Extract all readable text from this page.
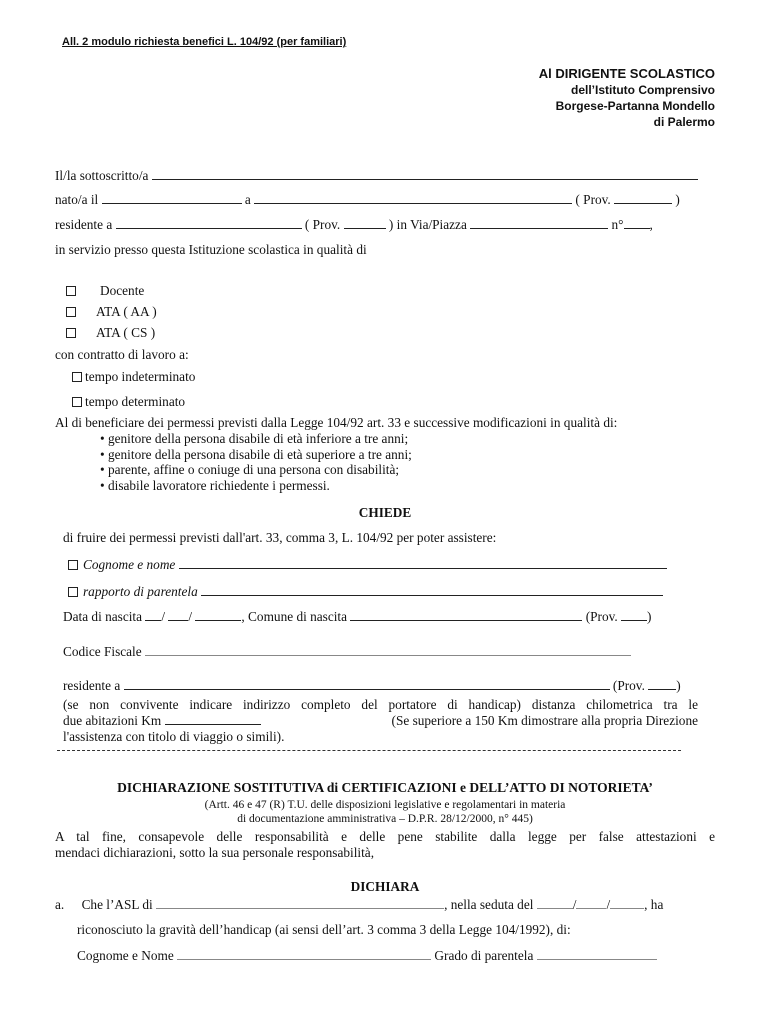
All. 2 modulo richiesta benefici L. 104/92 (per familiari)
Al DIRIGENTE SCOLASTICO
dell’Istituto Comprensivo
Borgese-Partanna Mondello
di Palermo
Il/la sottoscritto/a
nato/a il	a	( Prov.	)
residente a	( Prov.	) in Via/Piazza	n° ,
in servizio presso questa Istituzione scolastica in qualità di
Docente
ATA ( AA )
ATA ( CS )
con contratto di lavoro a:
tempo indeterminato
tempo determinato
Al di beneficiare dei permessi previsti dalla Legge 104/92 art. 33 e successive modificazioni in qualità di:
• genitore della persona disabile di età inferiore a tre anni;
• genitore della persona disabile di età superiore a tre anni;
• parente, affine o coniuge di una persona con disabilità;
• disabile lavoratore richiedente i permessi.
CHIEDE
di fruire dei permessi previsti dall'art. 33, comma 3, L. 104/92 per poter assistere:
Cognome e nome
rapporto di parentela
Data di nascita / /	, Comune di nascita	(Prov. )
Codice Fiscale
residente a	(Prov. )
(se non convivente indicare indirizzo completo del portatore di handicap) distanza chilometrica tra le
due abitazioni Km	(Se superiore a 150 Km dimostrare alla propria Direzione
l'assistenza con titolo di viaggio o simili).
DICHIARAZIONE SOSTITUTIVA di CERTIFICAZIONI e DELL’ATTO DI NOTORIETA’
(Artt. 46 e 47 (R) T.U. delle disposizioni legislative e regolamentari in materia
di documentazione amministrativa – D.P.R. 28/12/2000, n° 445)
A tal fine, consapevole delle responsabilità e delle pene stabilite dalla legge per false attestazioni e
mendaci dichiarazioni, sotto la sua personale responsabilità,
DICHIARA
a. Che l’ASL di	, nella seduta del	/ /	, ha
riconosciuto la gravità dell’handicap (ai sensi dell’art. 3 comma 3 della Legge 104/1992), di:
Cognome e Nome	Grado di parentela
